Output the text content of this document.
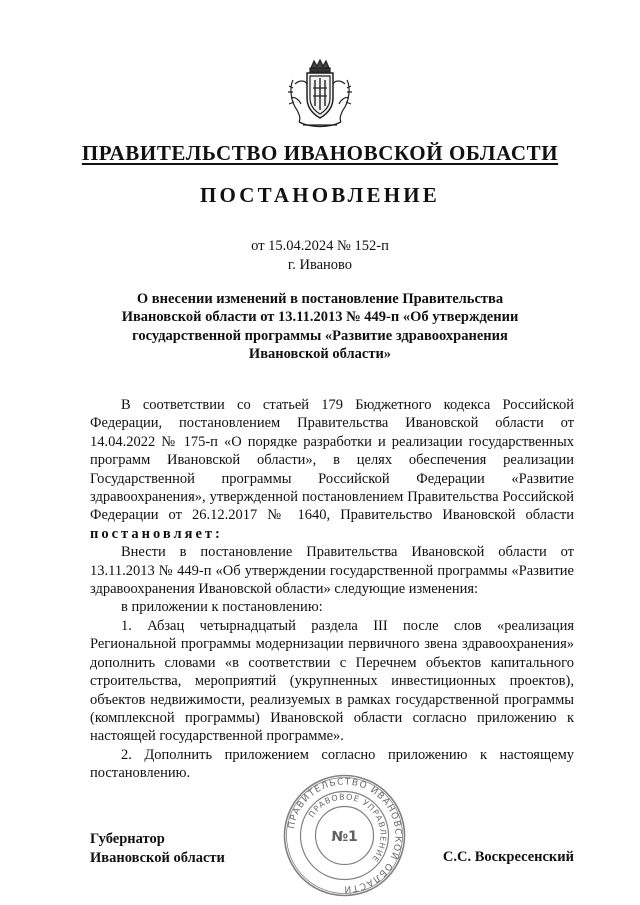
ПРАВИТЕЛЬСТВО ИВАНОВСКОЙ ОБЛАСТИ
ПОСТАНОВЛЕНИЕ
от 15.04.2024 № 152-п
г. Иваново
О внесении изменений в постановление Правительства
Ивановской области от 13.11.2013 № 449-п «Об утверждении
государственной программы «Развитие здравоохранения
Ивановской области»

В соответствии со статьей 179 Бюджетного кодекса Российской Федерации, постановлением Правительства Ивановской области от 14.04.2022 № 175-п «О порядке разработки и реализации государственных программ Ивановской области», в целях обеспечения реализации Государственной программы Российской Федерации «Развитие здравоохранения», утвержденной постановлением Правительства Российской Федерации от 26.12.2017 № 1640, Правительство Ивановской области постановляет:

Внести в постановление Правительства Ивановской области от 13.11.2013 № 449-п «Об утверждении государственной программы «Развитие здравоохранения Ивановской области» следующие изменения:

в приложении к постановлению:

1. Абзац четырнадцатый раздела III после слов «реализация Региональной программы модернизации первичного звена здравоохранения» дополнить словами «в соответствии с Перечнем объектов капитального строительства, мероприятий (укрупненных инвестиционных проектов), объектов недвижимости, реализуемых в рамках государственной программы (комплексной программы) Ивановской области согласно приложению к настоящей государственной программе».

2. Дополнить приложением согласно приложению к настоящему постановлению.

ПРАВИТЕЛЬСТВО ИВАНОВСКОЙ ОБЛАСТИ
ПРАВОВОЕ УПРАВЛЕНИЕ
№1
Губернатор
Ивановской области	С.С. Воскресенский
